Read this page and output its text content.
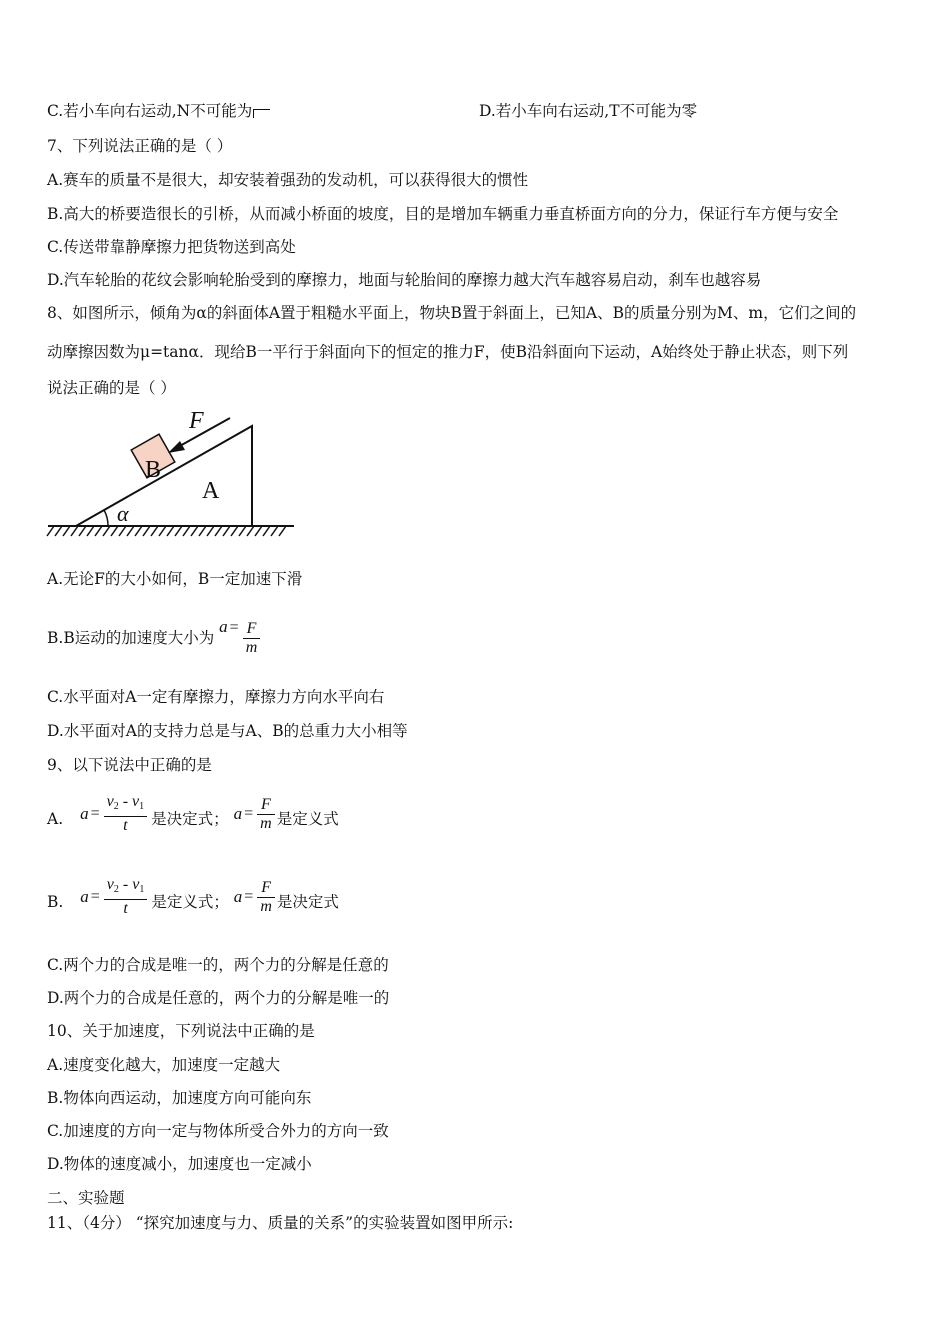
C.若小车向右运动,N不可能为	D.若小车向右运动,T不可能为零
7、下列说法正确的是（ ）
A.赛车的质量不是很大，却安装着强劲的发动机，可以获得很大的惯性
B.高大的桥要造很长的引桥，从而减小桥面的坡度，目的是增加车辆重力垂直桥面方向的分力，保证行车方便与安全
C.传送带靠静摩擦力把货物送到高处
D.汽车轮胎的花纹会影响轮胎受到的摩擦力，地面与轮胎间的摩擦力越大汽车越容易启动，刹车也越容易
8、如图所示，倾角为α的斜面体A置于粗糙水平面上，物块B置于斜面上，已知A、B的质量分别为M、m，它们之间的
动摩擦因数为μ=tanα．现给B一平行于斜面向下的恒定的推力F，使B沿斜面向下运动，A始终处于静止状态，则下列
说法正确的是（ ）
B
F
A
α
A.无论F的大小如何，B一定加速下滑
B.B运动的加速度大小为 $a = \frac{F}{m}$
C.水平面对A一定有摩擦力，摩擦力方向水平向右
D.水平面对A的支持力总是与A、B的总重力大小相等
9、以下说法中正确的是
A. $a = \frac{v_2 - v_1}{t}$ 是决定式； $a = \frac{F}{m}$ 是定义式
B. $a = \frac{v_2 - v_1}{t}$ 是定义式； $a = \frac{F}{m}$ 是决定式
C.两个力的合成是唯一的，两个力的分解是任意的
D.两个力的合成是任意的，两个力的分解是唯一的
10、关于加速度，下列说法中正确的是
A.速度变化越大，加速度一定越大
B.物体向西运动，加速度方向可能向东
C.加速度的方向一定与物体所受合外力的方向一致
D.物体的速度减小，加速度也一定减小
二、实验题
11、（4分） “探究加速度与力、质量的关系”的实验装置如图甲所示:
